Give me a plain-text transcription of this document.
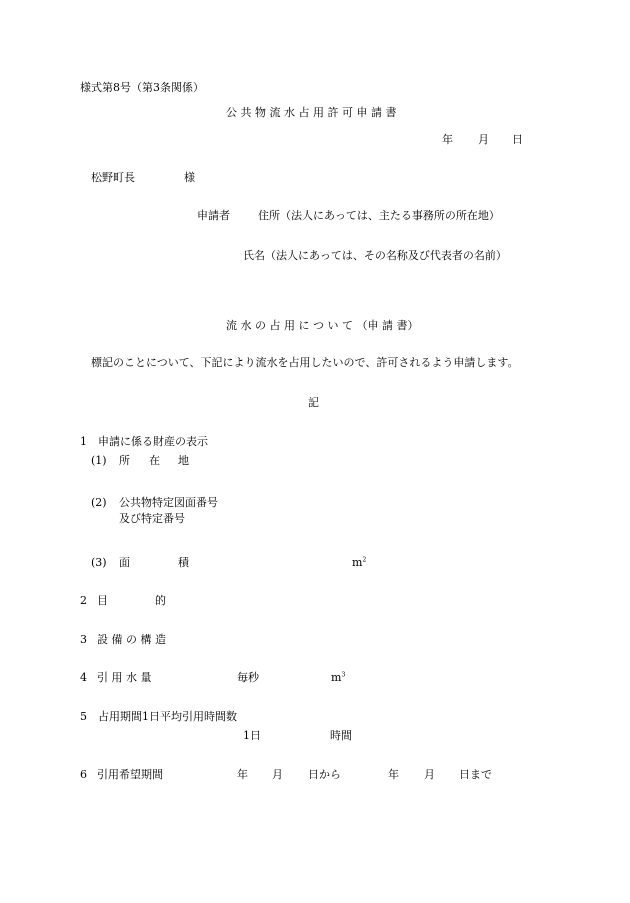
様式第8号（第3条関係）
公 共 物 流 水 占 用 許 可 申 請 書
年 月 日
松野町長	様
申請者	住所（法人にあっては、主たる事務所の所在地）
氏名（法人にあっては、その名称及び代表者の名前）
流 水 の 占 用 に つ い て （申 請 書）
標記のことについて、下記により流水を占用したいので、許可されるよう申請します。
記
1　申請に係る財産の表示
(1) 所 在 地
(2) 公共物特定図面番号
及び特定番号
(3) 面	積	$m^2$
2 目	的
3 設 備 の 構 造
4 引 用 水 量	毎秒	$m^3$
5　占用期間1日平均引用時間数
1日	時間
6 引用希望期間	年 月 日から	年 月 日まで
